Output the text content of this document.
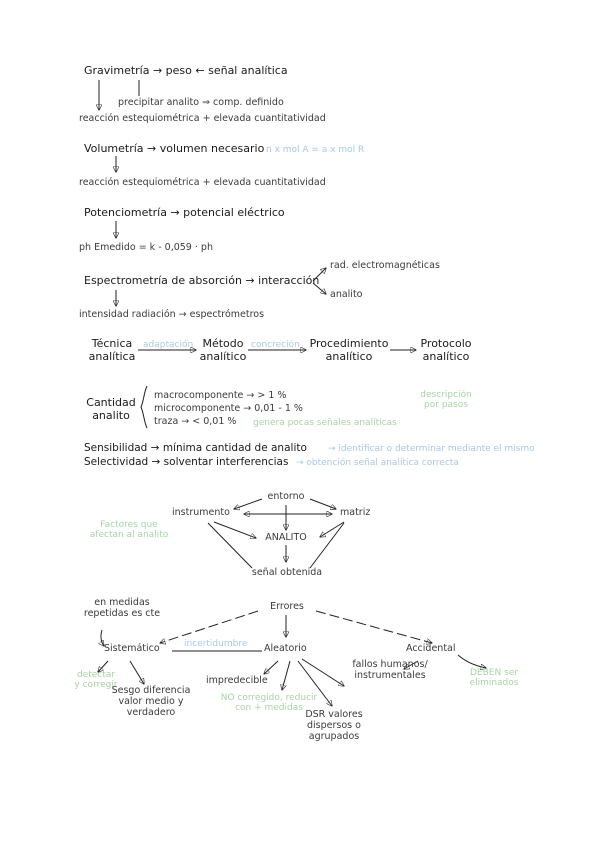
Gravimetría → peso ← señal analítica
precipitar analito ⇒ comp. definido
reacción estequiométrica + elevada cuantitatividad
Volumetría → volumen necesario n x mol A = a x mol R
reacción estequiométrica + elevada cuantitatividad
Potenciometría → potencial eléctrico
ph Emedido = k - 0,059 · ph
Espectrometría de absorción → interacción
rad. electromagnéticas
analito
intensidad radiación → espectrómetros
Técnica analítica
adaptación Método analítico
concreción Procedimiento analítico
Protocolo analítico
descripción por pasos
Cantidad analito
macrocomponente → > 1 %
microcomponente → 0,01 - 1 %
traza → < 0,01 % genera pocas señales analíticas
Sensibilidad → mínima cantidad de analito → identificar o determinar mediante el mismo
Selectividad → solventar interferencias → obtención señal analítica correcta
entorno
instrumento	matriz
ANALITO
señal obtenida
Factores que afectan al analito
Errores
en medidas repetidas es cte
Sistemático	incertidumbre Aleatorio	Accidental
detectar y corregir
Sesgo diferencia valor medio y verdadero
impredecible
NO corregido, reducir con + medidas
DSR valores dispersos o agrupados
fallos humanos/ instrumentales	DEBEN ser eliminados
